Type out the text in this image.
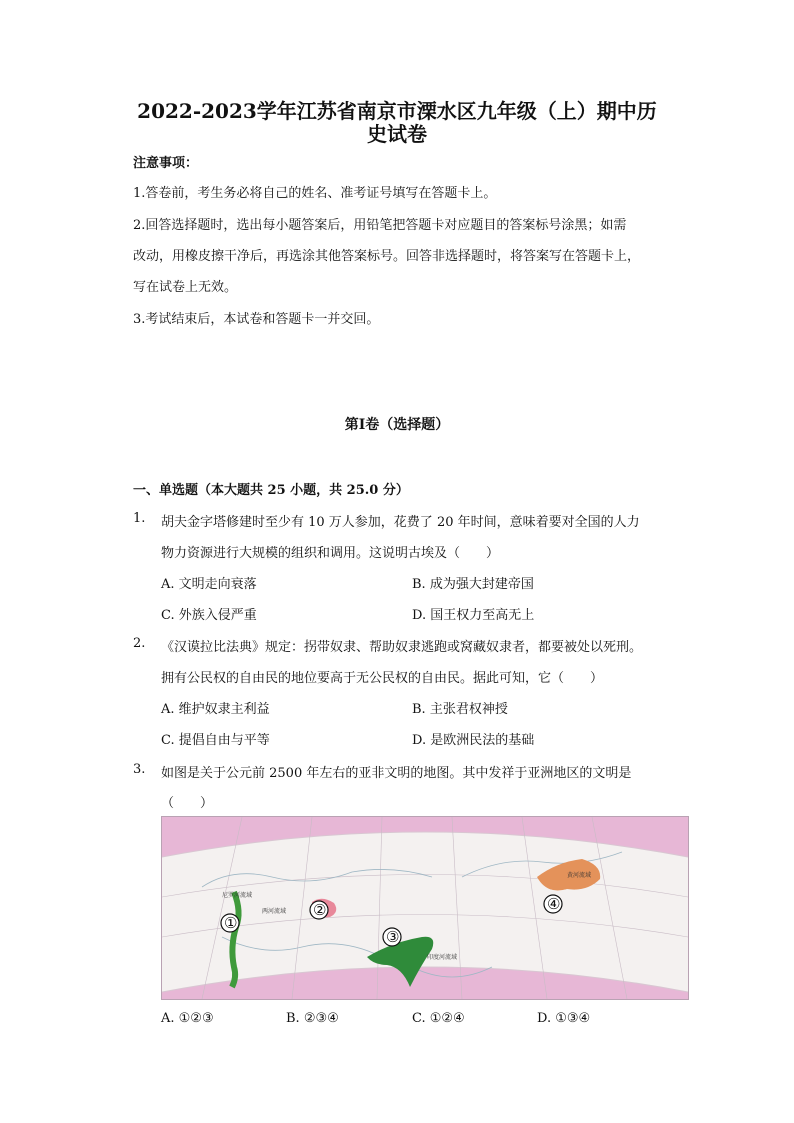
2022-2023学年江苏省南京市溧水区九年级（上）期中历
史试卷
注意事项：
1.答卷前，考生务必将自己的姓名、准考证号填写在答题卡上。
2.回答选择题时，选出每小题答案后，用铅笔把答题卡对应题目的答案标号涂黑；如需
改动，用橡皮擦干净后，再选涂其他答案标号。回答非选择题时，将答案写在答题卡上，
写在试卷上无效。
3.考试结束后，本试卷和答题卡一并交回。
第I卷（选择题）
一、单选题（本大题共 25 小题，共 25.0 分）
1. 胡夫金字塔修建时至少有 10 万人参加，花费了 20 年时间，意味着要对全国的人力
物力资源进行大规模的组织和调用。这说明古埃及（　　）
A. 文明走向衰落	B. 成为强大封建帝国
C. 外族入侵严重	D. 国王权力至高无上
2. 《汉谟拉比法典》规定：拐带奴隶、帮助奴隶逃跑或窝藏奴隶者，都要被处以死刑。
拥有公民权的自由民的地位要高于无公民权的自由民。据此可知，它（　　）
A. 维护奴隶主利益	B. 主张君权神授
C. 提倡自由与平等	D. 是欧洲民法的基础
3. 如图是关于公元前 2500 年左右的亚非文明的地图。其中发祥于亚洲地区的文明是
（　　）
①
②
③
④
尼罗河流域
两河流域
印度河流域
黄河流域
A. ①②③	B. ②③④	C. ①②④	D. ①③④
